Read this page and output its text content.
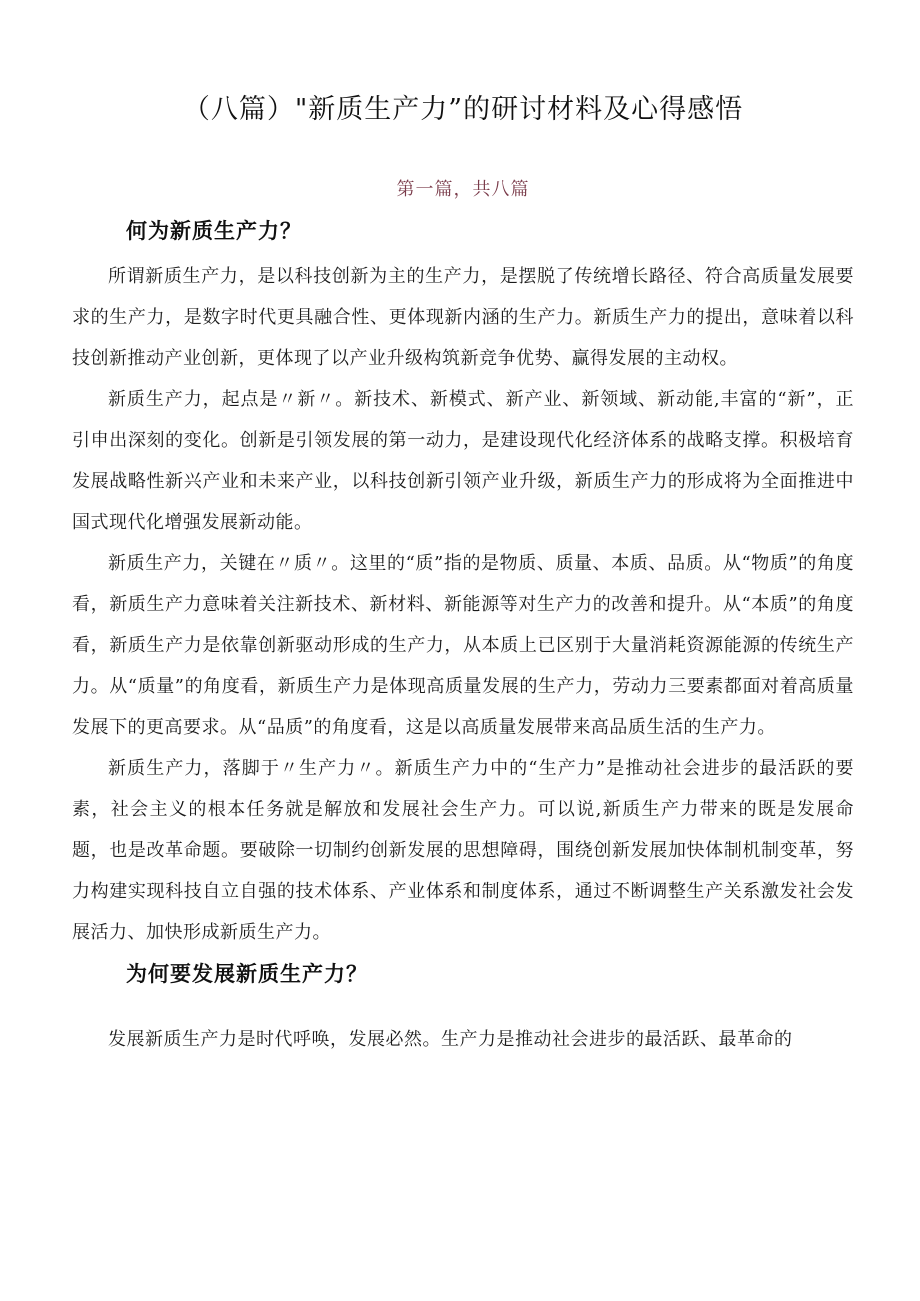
（八篇）"新质生产力”的研讨材料及心得感悟
第一篇，共八篇
何为新质生产力？

所谓新质生产力，是以科技创新为主的生产力，是摆脱了传统增长路径、符合高质量发展要求的生产力，是数字时代更具融合性、更体现新内涵的生产力。新质生产力的提出，意味着以科技创新推动产业创新，更体现了以产业升级构筑新竞争优势、赢得发展的主动权。

新质生产力，起点是〃新〃。新技术、新模式、新产业、新领域、新动能,丰富的“新”，正引申出深刻的变化。创新是引领发展的第一动力，是建设现代化经济体系的战略支撑。积极培育发展战略性新兴产业和未来产业，以科技创新引领产业升级，新质生产力的形成将为全面推进中国式现代化增强发展新动能。

新质生产力，关键在〃质〃。这里的“质”指的是物质、质量、本质、品质。从“物质”的角度看，新质生产力意味着关注新技术、新材料、新能源等对生产力的改善和提升。从“本质”的角度看，新质生产力是依靠创新驱动形成的生产力，从本质上已区别于大量消耗资源能源的传统生产力。从“质量”的角度看，新质生产力是体现高质量发展的生产力，劳动力三要素都面对着高质量发展下的更高要求。从“品质”的角度看，这是以高质量发展带来高品质生活的生产力。

新质生产力，落脚于〃生产力〃。新质生产力中的“生产力”是推动社会进步的最活跃的要素，社会主义的根本任务就是解放和发展社会生产力。可以说,新质生产力带来的既是发展命题，也是改革命题。要破除一切制约创新发展的思想障碍，围绕创新发展加快体制机制变革，努力构建实现科技自立自强的技术体系、产业体系和制度体系，通过不断调整生产关系激发社会发展活力、加快形成新质生产力。

为何要发展新质生产力？

发展新质生产力是时代呼唤，发展必然。生产力是推动社会进步的最活跃、最革命的
